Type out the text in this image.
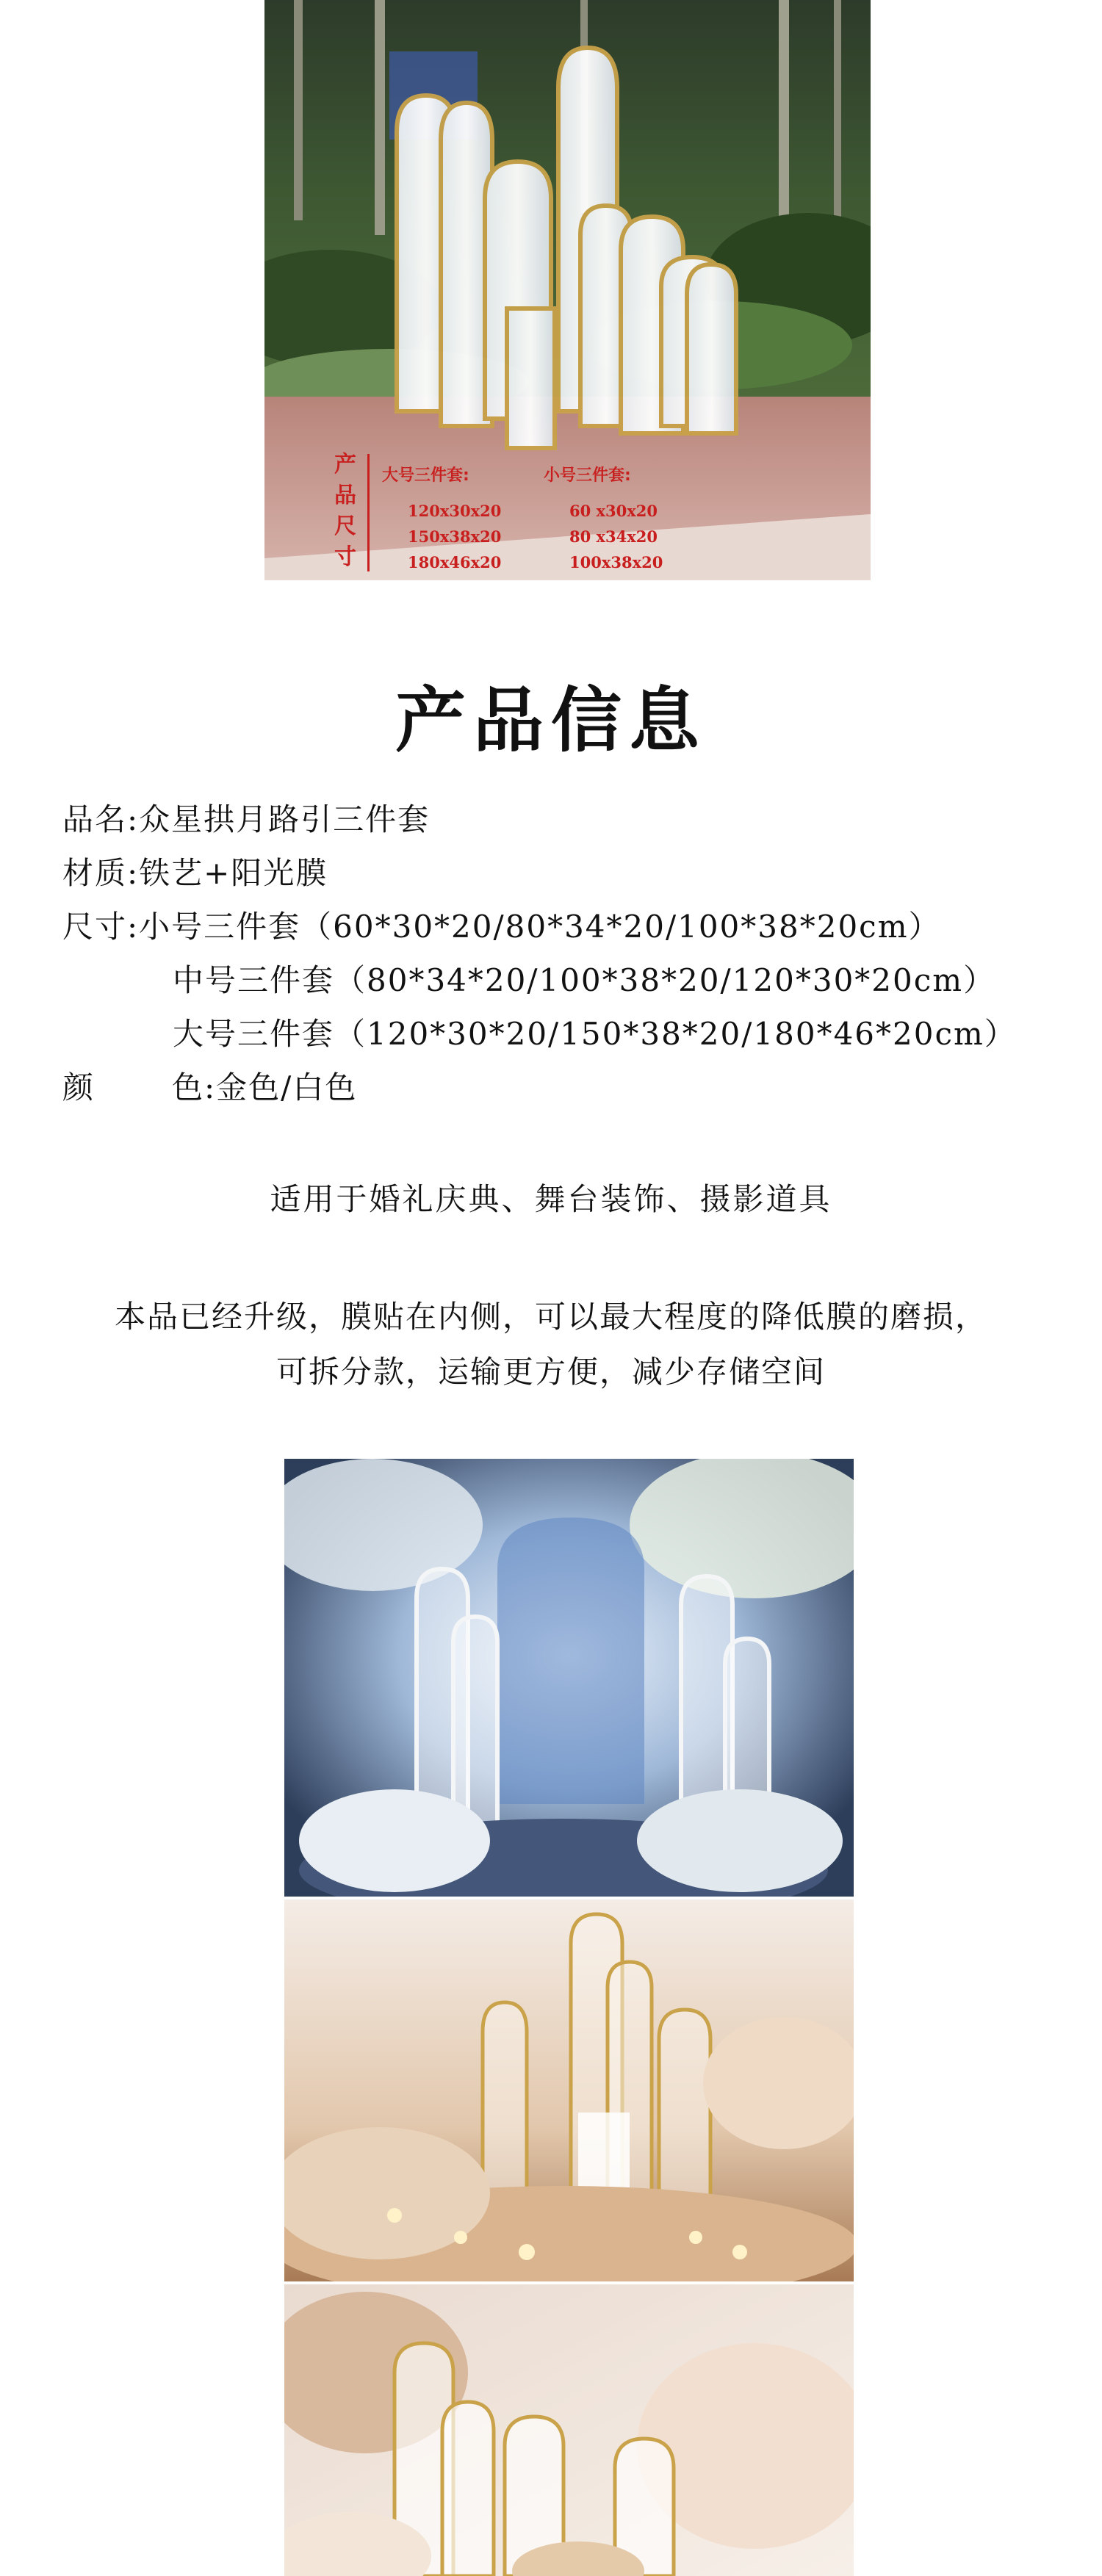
产
品
尺
寸
大号三件套:
120x30x20
150x38x20
180x46x20
小号三件套:
60 x30x20
80 x34x20
100x38x20
产品信息
品名:众星拱月路引三件套
材质:铁艺+阳光膜
尺寸:小号三件套（60*30*20/80*34*20/100*38*20cm）
中号三件套（80*34*20/100*38*20/120*30*20cm）
大号三件套（120*30*20/150*38*20/180*46*20cm）
颜	色:金色/白色
适用于婚礼庆典、舞台装饰、摄影道具
本品已经升级，膜贴在内侧，可以最大程度的降低膜的磨损，
可拆分款，运输更方便，减少存储空间
